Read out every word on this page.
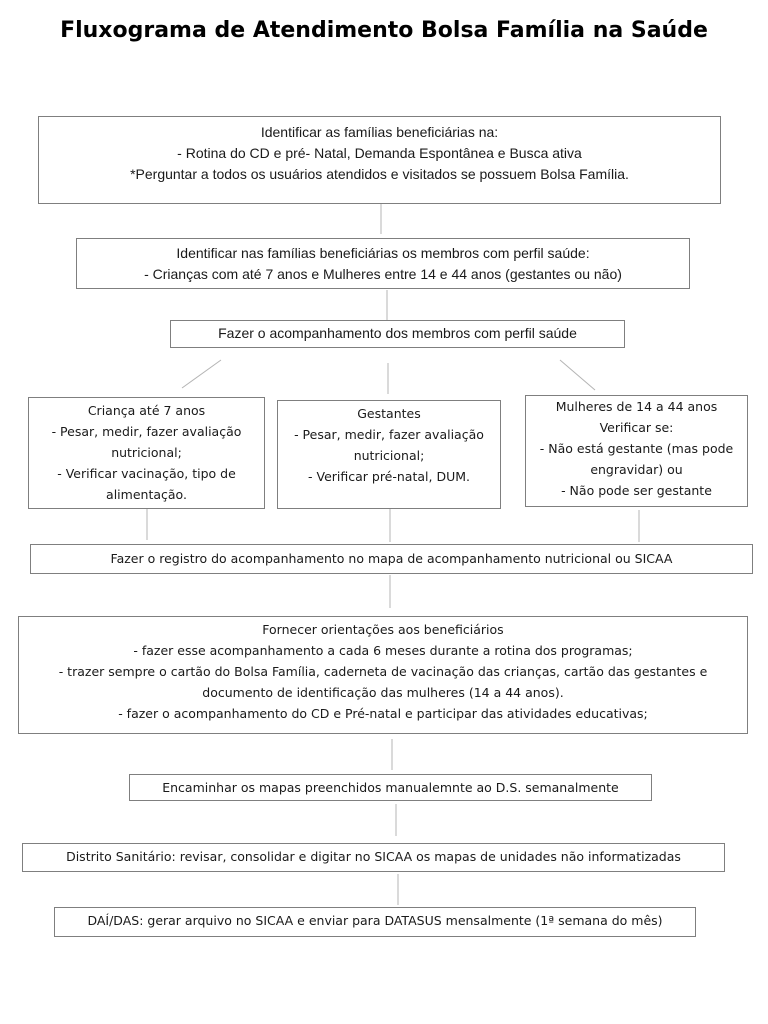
Fluxograma de Atendimento Bolsa Família na Saúde
Identificar as famílias beneficiárias na:
- Rotina do CD e pré- Natal, Demanda Espontânea e Busca ativa
*Perguntar a todos os usuários atendidos e visitados se possuem Bolsa Família.
Identificar nas famílias beneficiárias os membros com perfil saúde:
- Crianças com até 7 anos e Mulheres entre 14 e 44 anos (gestantes ou não)
Fazer o acompanhamento dos membros com perfil saúde
Criança até 7 anos
- Pesar, medir, fazer avaliação
nutricional;
- Verificar vacinação, tipo de
alimentação.
Gestantes
- Pesar, medir, fazer avaliação
nutricional;
- Verificar pré-natal, DUM.
Mulheres de 14 a 44 anos
Verificar se:
- Não está gestante (mas pode
engravidar) ou
- Não pode ser gestante
Fazer o registro do acompanhamento no mapa de acompanhamento nutricional ou SICAA
Fornecer orientações aos beneficiários
- fazer esse acompanhamento a cada 6 meses durante a rotina dos programas;
- trazer sempre o cartão do Bolsa Família, caderneta de vacinação das crianças, cartão das gestantes e
documento de identificação das mulheres (14 a 44 anos).
- fazer o acompanhamento do CD e Pré-natal e participar das atividades educativas;
Encaminhar os mapas preenchidos manualemnte ao D.S. semanalmente
Distrito Sanitário: revisar, consolidar e digitar no SICAA os mapas de unidades não informatizadas
DAÍ/DAS: gerar arquivo no SICAA e enviar para DATASUS mensalmente (1ª semana do mês)
